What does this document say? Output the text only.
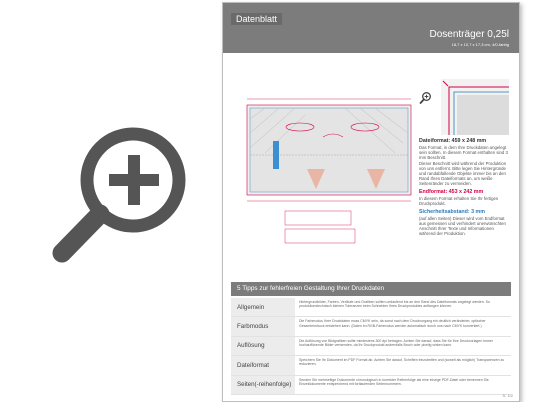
Datenblatt
Dosenträger 0,25l
18,7 x 10,7 x 17,3 cm, 4/0-farbig
Dateiformat: 459 x 248 mm

Das Format, in dem Ihre Druckdaten angelegt sein sollten. In diesem Format enthalten sind 3 mm Beschnitt.

Dieser Beschnitt wird während der Produktion von uns entfernt. Bitte legen Sie Hintergründe und randabfallende Objekte immer bis an den Rand Ihres Dateiformats an, um weiße Seitenränder zu vermeiden.

Endformat: 453 x 242 mm

In diesem Format erhalten Sie Ihr fertiges Druckprodukt.

Sicherheitsabstand: 3 mm

(auf allen Seiten) Dieser wird vom Endformat aus gemessen und verhindert unerwünschten Anschnitt Ihrer Texte und Informationen während der Produktion.

5 Tipps zur fehlerfreien Gestaltung Ihrer Druckdaten
Allgemein
Hintergrundbilder, Farben, Verläufe und Grafiken sollten umlaufend bis an den Rand des Dateiformats angelegt werden. So produktionstechnisch kleinen Toleranzen beim Schneiden Ihres Druckproduktes auffangen können.
Farbmodus
Die Farbmodus Ihrer Druckdaten muss CMYK sein, da sonst nach dem Druckvorgang ein deutlich veränderter, optischer Gesamteindruck entstehen kann. (Daten im RGB-Farbmodus werden automatisch durch uns nach CMYK konvertiert.)
Auflösung
Die Auflösung von Bildgrafiken sollte mindestens 300 dpi betragen. Achten Sie darauf, dass Sie für Ihre Druckvorlagen immer hochauflösende Bilder verwenden, da Ihr Druckprodukt andernfalls Bruch oder pixelig wirken kann.
Dateiformat
Speichern Sie Ihr Dokument im PDF Format ab. Achten Sie darauf, Schriften einzubetten und (soweit als möglich) Transparenzen zu reduzieren.
Seiten(-reihenfolge)
Senden Sie mehrseitige Dokumente chronologisch in korrekter Reihenfolge als eine einzige PDF-Datei oder benennen Sie Einzeldokumente entsprechend mit fortlaufenden Seitennummern.
S. 1/2
